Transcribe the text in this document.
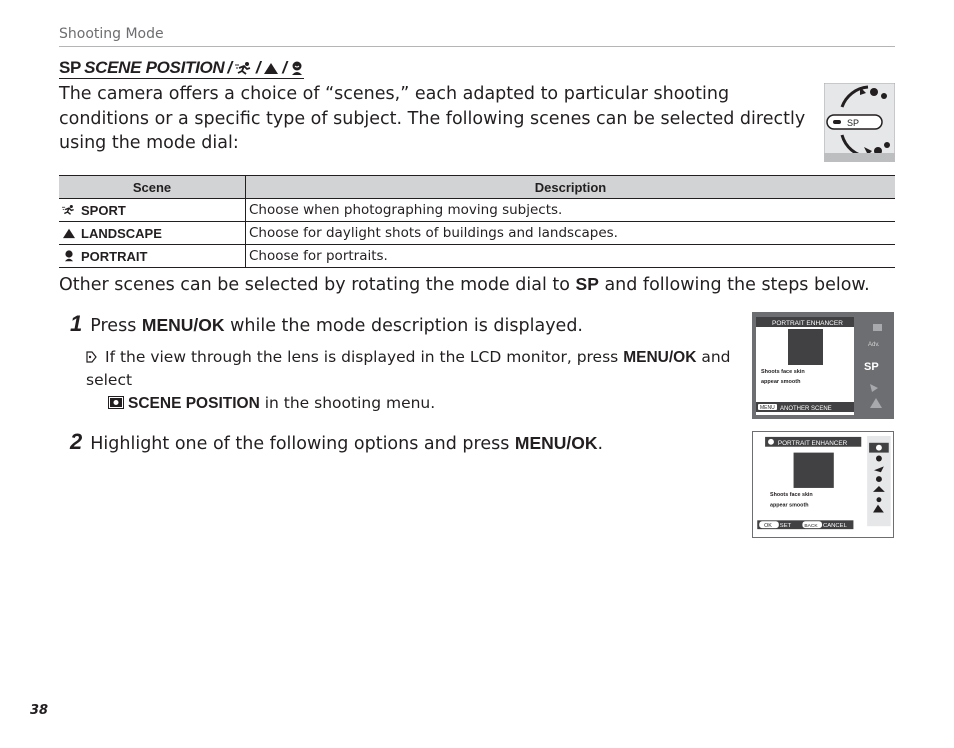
Shooting Mode
SP SCENE POSITION / / /
The camera offers a choice of “scenes,” each adapted to particular shooting conditions or a specific type of subject. The following scenes can be selected directly using the mode dial:
SP
Scene	Description
SPORT	Choose when photographing moving subjects.
LANDSCAPE	Choose for daylight shots of buildings and landscapes.
PORTRAIT	Choose for portraits.
Other scenes can be selected by rotating the mode dial to SP and following the steps below.
1 Press MENU/OK while the mode description is displayed.
If the view through the lens is displayed in the LCD monitor, press MENU/OK and select
SCENE POSITION in the shooting menu.
PORTRAIT ENHANCER
Shoots face skin
appear smooth
MENU ANOTHER SCENE
Adv.
SP
2 Highlight one of the following options and press MENU/OK.	PORTRAIT ENHANCER
Shoots face skin
appear smooth
OK SET	BACK CANCEL
38
